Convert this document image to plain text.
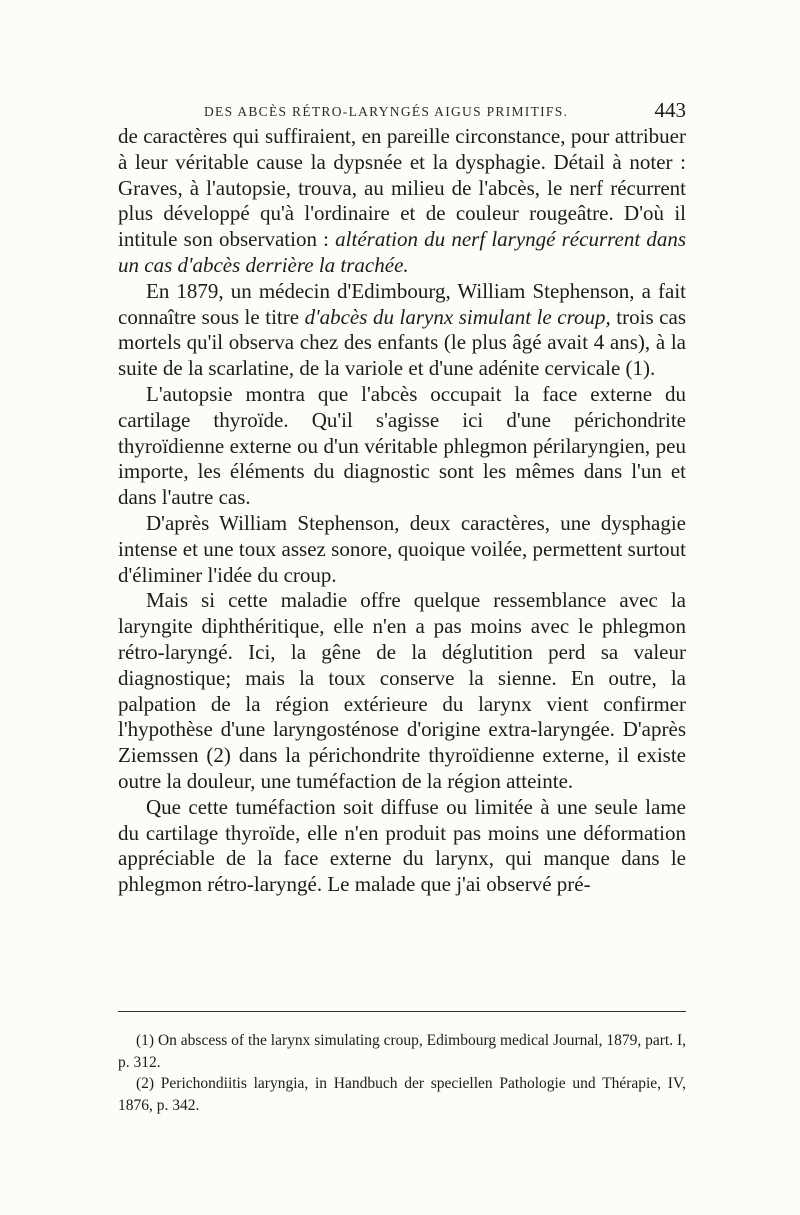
DES ABCÈS RÉTRO-LARYNGÉS AIGUS PRIMITIFS.	443

de caractères qui suffiraient, en pareille circonstance, pour attribuer à leur véritable cause la dypsnée et la dysphagie. Détail à noter : Graves, à l'autopsie, trouva, au milieu de l'abcès, le nerf récurrent plus développé qu'à l'ordinaire et de couleur rougeâtre. D'où il intitule son observation : altération du nerf laryngé récurrent dans un cas d'abcès derrière la trachée.

En 1879, un médecin d'Edimbourg, William Stephenson, a fait connaître sous le titre d'abcès du larynx simulant le croup, trois cas mortels qu'il observa chez des enfants (le plus âgé avait 4 ans), à la suite de la scarlatine, de la variole et d'une adénite cervicale (1).

L'autopsie montra que l'abcès occupait la face externe du cartilage thyroïde. Qu'il s'agisse ici d'une périchondrite thyroïdienne externe ou d'un véritable phlegmon périlaryngien, peu importe, les éléments du diagnostic sont les mêmes dans l'un et dans l'autre cas.

D'après William Stephenson, deux caractères, une dysphagie intense et une toux assez sonore, quoique voilée, permettent surtout d'éliminer l'idée du croup.

Mais si cette maladie offre quelque ressemblance avec la laryngite diphthéritique, elle n'en a pas moins avec le phlegmon rétro-laryngé. Ici, la gêne de la déglutition perd sa valeur diagnostique; mais la toux conserve la sienne. En outre, la palpation de la région extérieure du larynx vient confirmer l'hypothèse d'une laryngosténose d'origine extra-laryngée. D'après Ziemssen (2) dans la périchondrite thyroïdienne externe, il existe outre la douleur, une tuméfaction de la région atteinte.

Que cette tuméfaction soit diffuse ou limitée à une seule lame du cartilage thyroïde, elle n'en produit pas moins une déformation appréciable de la face externe du larynx, qui manque dans le phlegmon rétro-laryngé. Le malade que j'ai observé pré-

(1) On abscess of the larynx simulating croup, Edimbourg medical Journal, 1879, part. I, p. 312.

(2) Perichondiitis laryngia, in Handbuch der speciellen Pathologie und Thérapie, IV, 1876, p. 342.
